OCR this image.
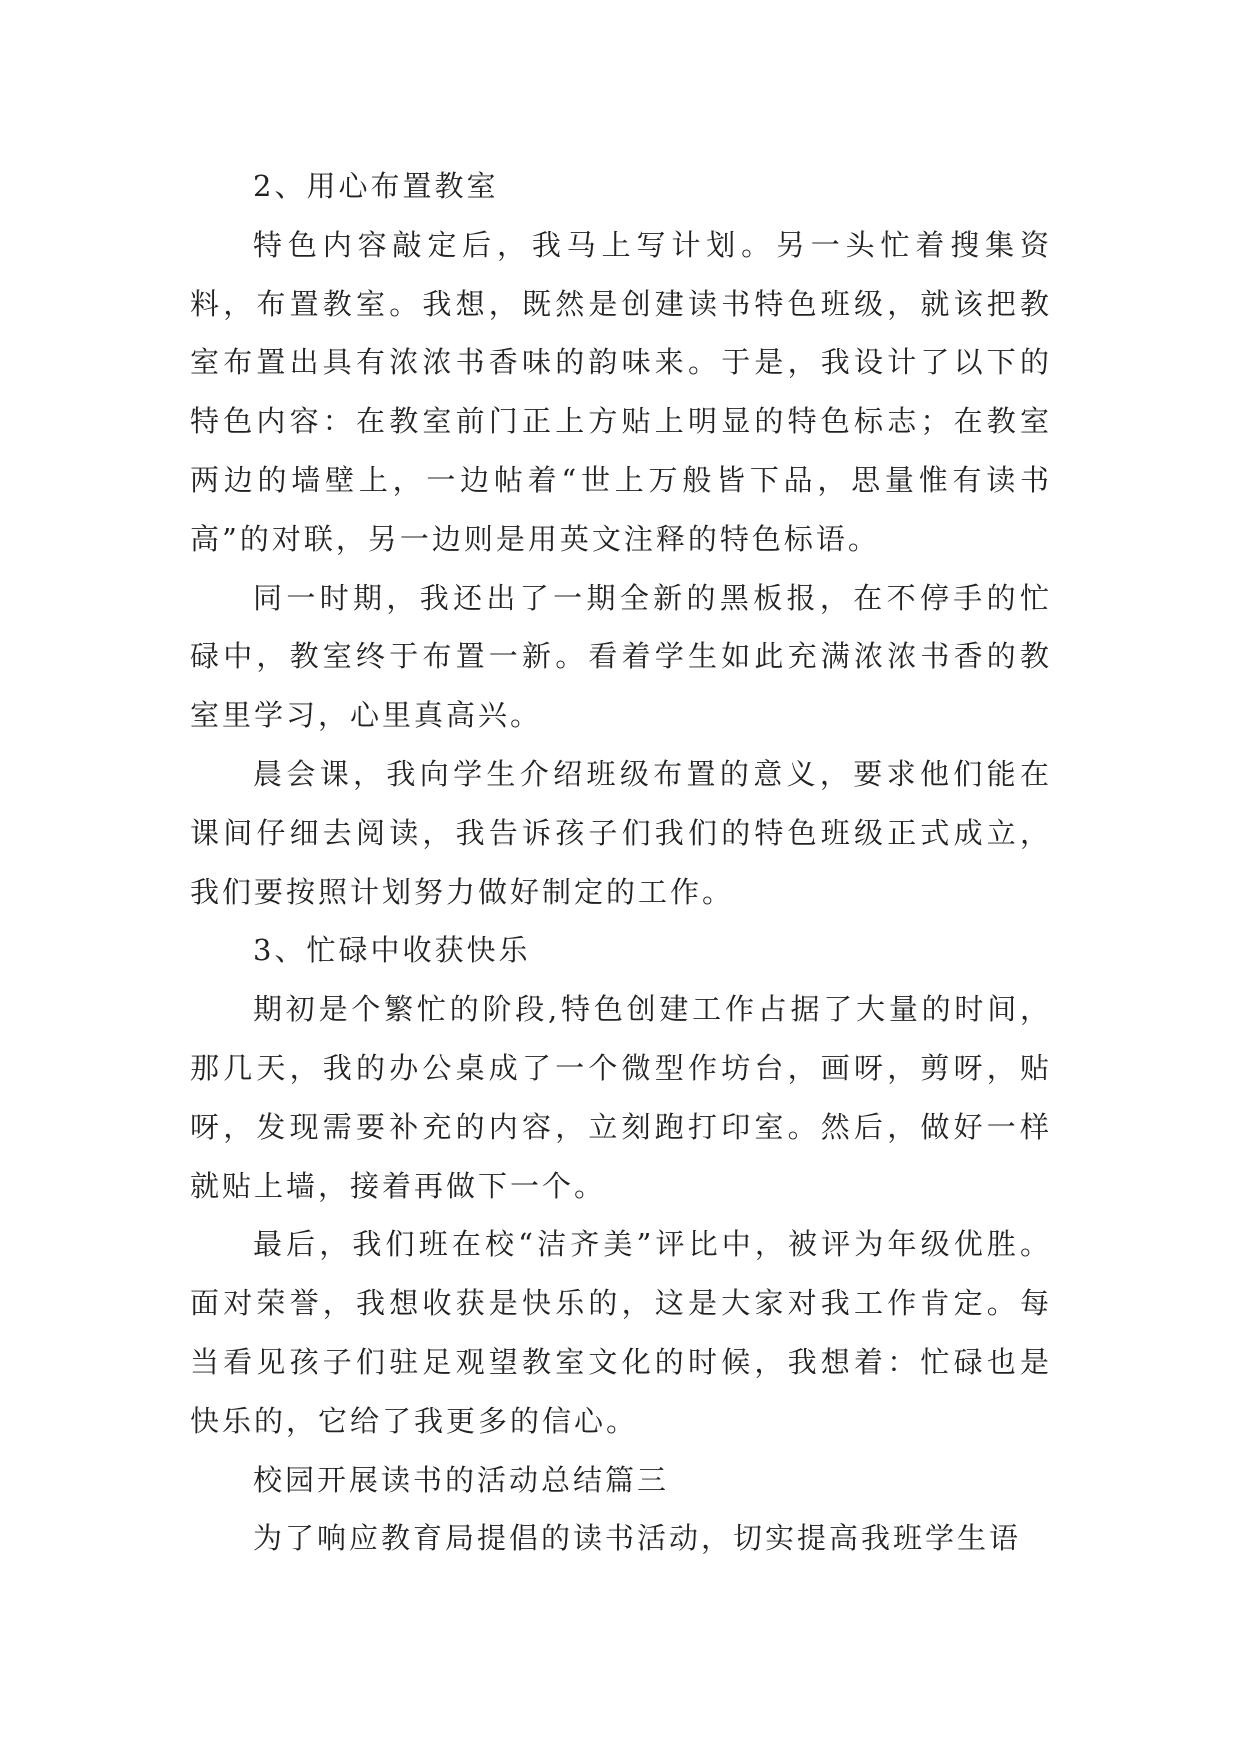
2、用心布置教室

特色内容敲定后，我马上写计划。另一头忙着搜集资料，布置教室。我想，既然是创建读书特色班级，就该把教室布置出具有浓浓书香味的韵味来。于是，我设计了以下的特色内容：在教室前门正上方贴上明显的特色标志；在教室两边的墙壁上，一边帖着“世上万般皆下品，思量惟有读书高”的对联，另一边则是用英文注释的特色标语。

同一时期，我还出了一期全新的黑板报，在不停手的忙碌中，教室终于布置一新。看着学生如此充满浓浓书香的教室里学习，心里真高兴。

晨会课，我向学生介绍班级布置的意义，要求他们能在课间仔细去阅读，我告诉孩子们我们的特色班级正式成立，我们要按照计划努力做好制定的工作。

3、忙碌中收获快乐

期初是个繁忙的阶段,特色创建工作占据了大量的时间，那几天，我的办公桌成了一个微型作坊台，画呀，剪呀，贴呀，发现需要补充的内容，立刻跑打印室。然后，做好一样就贴上墙，接着再做下一个。

最后，我们班在校“洁齐美”评比中，被评为年级优胜。面对荣誉，我想收获是快乐的，这是大家对我工作肯定。每当看见孩子们驻足观望教室文化的时候，我想着：忙碌也是快乐的，它给了我更多的信心。

校园开展读书的活动总结篇三

为了响应教育局提倡的读书活动，切实提高我班学生语
